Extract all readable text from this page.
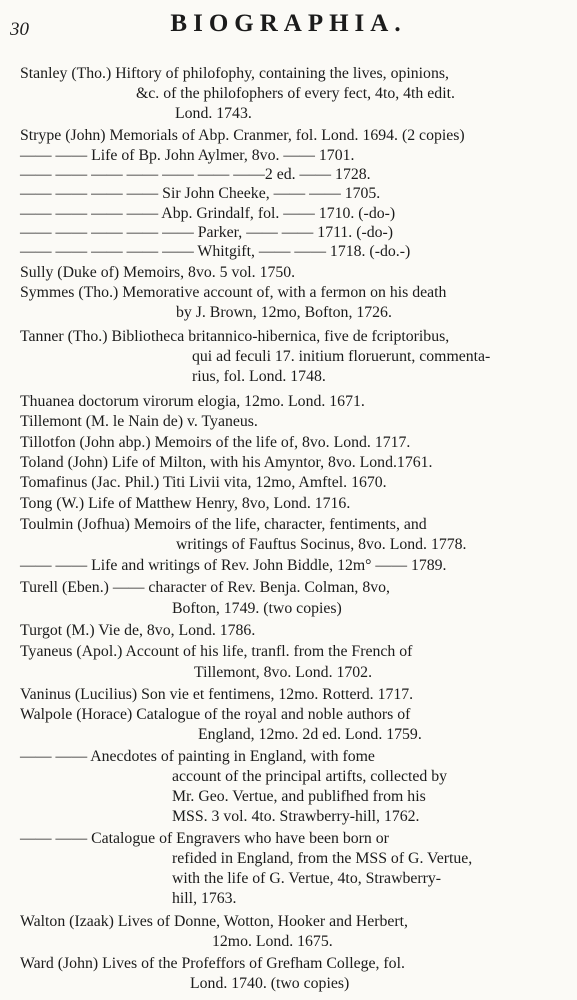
30	BIOGRAPHIA.
Stanley (Tho.) Hiftory of philofophy, containing the lives, opinions,
&c. of the philofophers of every fect, 4to, 4th edit.
Lond. 1743.
Strype (John) Memorials of Abp. Cranmer, fol. Lond. 1694. (2 copies)
—— —— Life of Bp. John Aylmer, 8vo. —— 1701.
—— —— —— —— —— —— ——2 ed. —— 1728.
—— —— —— —— Sir John Cheeke, —— —— 1705.
—— —— —— —— Abp. Grindalf, fol. —— 1710. (-do-)
—— —— —— —— —— Parker, —— —— 1711. (-do-)
—— —— —— —— —— Whitgift, —— —— 1718. (-do.-)
Sully (Duke of) Memoirs, 8vo. 5 vol. 1750.
Symmes (Tho.) Memorative account of, with a fermon on his death
by J. Brown, 12mo, Bofton, 1726.
Tanner (Tho.) Bibliotheca britannico-hibernica, five de fcriptoribus,
qui ad feculi 17. initium floruerunt, commenta-
rius, fol. Lond. 1748.
Thuanea doctorum virorum elogia, 12mo. Lond. 1671.
Tillemont (M. le Nain de) v. Tyaneus.
Tillotfon (John abp.) Memoirs of the life of, 8vo. Lond. 1717.
Toland (John) Life of Milton, with his Amyntor, 8vo. Lond.1761.
Tomafinus (Jac. Phil.) Titi Livii vita, 12mo, Amftel. 1670.
Tong (W.) Life of Matthew Henry, 8vo, Lond. 1716.
Toulmin (Jofhua) Memoirs of the life, character, fentiments, and
writings of Fauftus Socinus, 8vo. Lond. 1778.
—— —— Life and writings of Rev. John Biddle, 12m° —— 1789.
Turell (Eben.) —— character of Rev. Benja. Colman, 8vo,
Bofton, 1749. (two copies)
Turgot (M.) Vie de, 8vo, Lond. 1786.
Tyaneus (Apol.) Account of his life, tranfl. from the French of
Tillemont, 8vo. Lond. 1702.
Vaninus (Lucilius) Son vie et fentimens, 12mo. Rotterd. 1717.
Walpole (Horace) Catalogue of the royal and noble authors of
England, 12mo. 2d ed. Lond. 1759.
—— —— Anecdotes of painting in England, with fome
account of the principal artifts, collected by
Mr. Geo. Vertue, and publifhed from his
MSS. 3 vol. 4to. Strawberry-hill, 1762.
—— —— Catalogue of Engravers who have been born or
refided in England, from the MSS of G. Vertue,
with the life of G. Vertue, 4to, Strawberry-
hill, 1763.
Walton (Izaak) Lives of Donne, Wotton, Hooker and Herbert,
12mo. Lond. 1675.
Ward (John) Lives of the Profeffors of Grefham College, fol.
Lond. 1740. (two copies)
